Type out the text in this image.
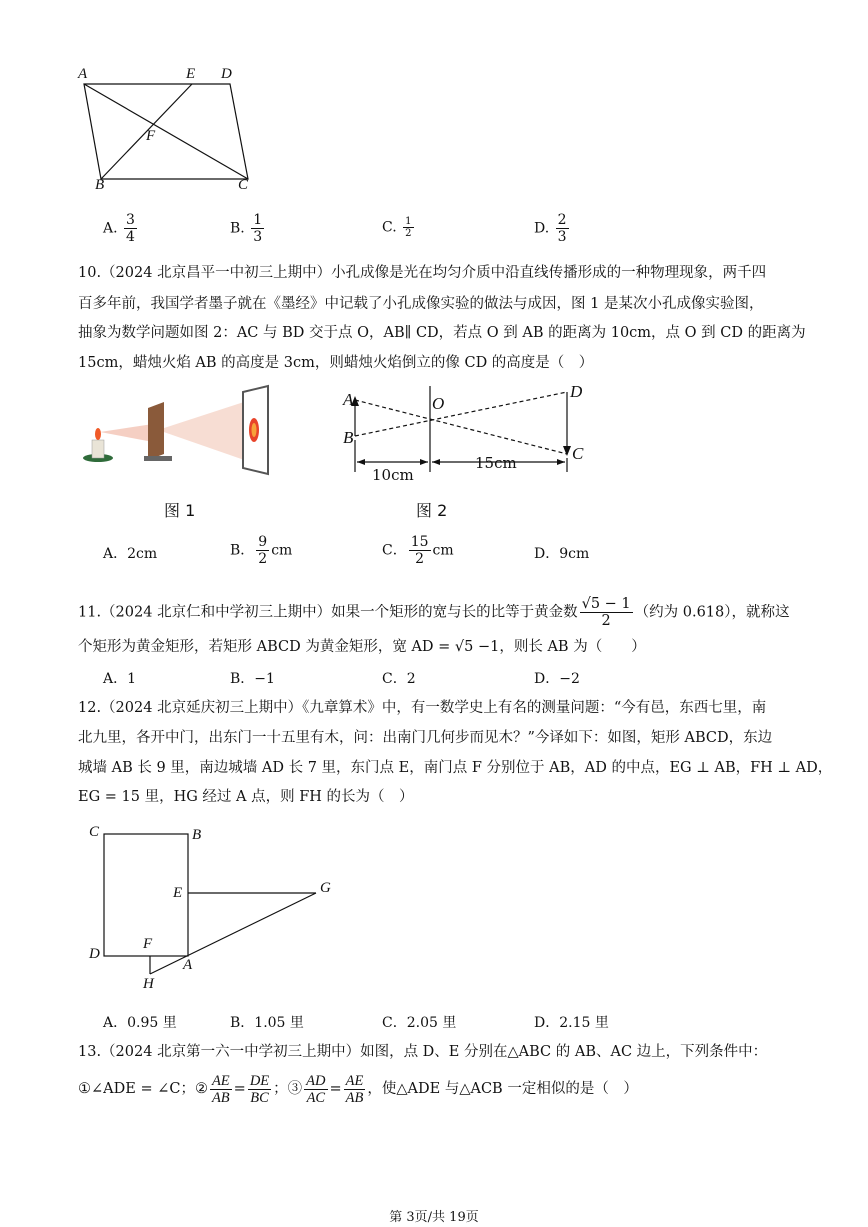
A	E D
F
B	C
A. $\frac{3}{4}$	B. $\frac{1}{3}$	C. $\frac{1}{2}$	D. $\frac{2}{3}$
10.（2024 北京昌平一中初三上期中）小孔成像是光在均匀介质中沿直线传播形成的一种物理现象，两千四
百多年前，我国学者墨子就在《墨经》中记载了小孔成像实验的做法与成因，图 1 是某次小孔成像实验图，
抽象为数学问题如图 2：AC 与 BD 交于点 O，AB∥ CD，若点 O 到 AB 的距离为 10cm，点 O 到 CD 的距离为
15cm，蜡烛火焰 AB 的高度是 3cm，则蜡烛火焰倒立的像 CD 的高度是（　）
图 1
A
B
O
D
C
10cm
15cm
图 2
A．2cm	B． $\frac{9}{2}$ cm	C． $\frac{15}{2}$ cm	D．9cm
11.（2024 北京仁和中学初三上期中）如果一个矩形的宽与长的比等于黄金数 $\frac{√5 - 1}{2}$ （约为 0.618），就称这
个矩形为黄金矩形，若矩形 ABCD 为黄金矩形，宽 AD = √5 −1，则长 AB 为（　　）
A．1	B．−1	C．2	D．−2
12.（2024 北京延庆初三上期中）《九章算术》中，有一数学史上有名的测量问题：“今有邑，东西七里，南
北九里，各开中门，出东门一十五里有木，问：出南门几何步而见木？”今译如下：如图，矩形 ABCD，东边
城墙 AB 长 9 里，南边城墙 AD 长 7 里，东门点 E，南门点 F 分别位于 AB，AD 的中点，EG ⊥ AB，FH ⊥ AD，
EG = 15 里，HG 经过 A 点，则 FH 的长为（　）
C	B
E	G
D
F
A
H
A．0.95 里	B．1.05 里	C．2.05 里	D．2.15 里
13.（2024 北京第一六一中学初三上期中）如图，点 D、E 分别在△ABC 的 AB、AC 边上，下列条件中：
①∠ADE = ∠C；② $\frac{AE}{AB} = \frac{DE}{BC}$ ；③ $\frac{AD}{AC} = \frac{AE}{AB}$ ，使△ADE 与△ACB 一定相似的是（　）
第 3页/共 19页
